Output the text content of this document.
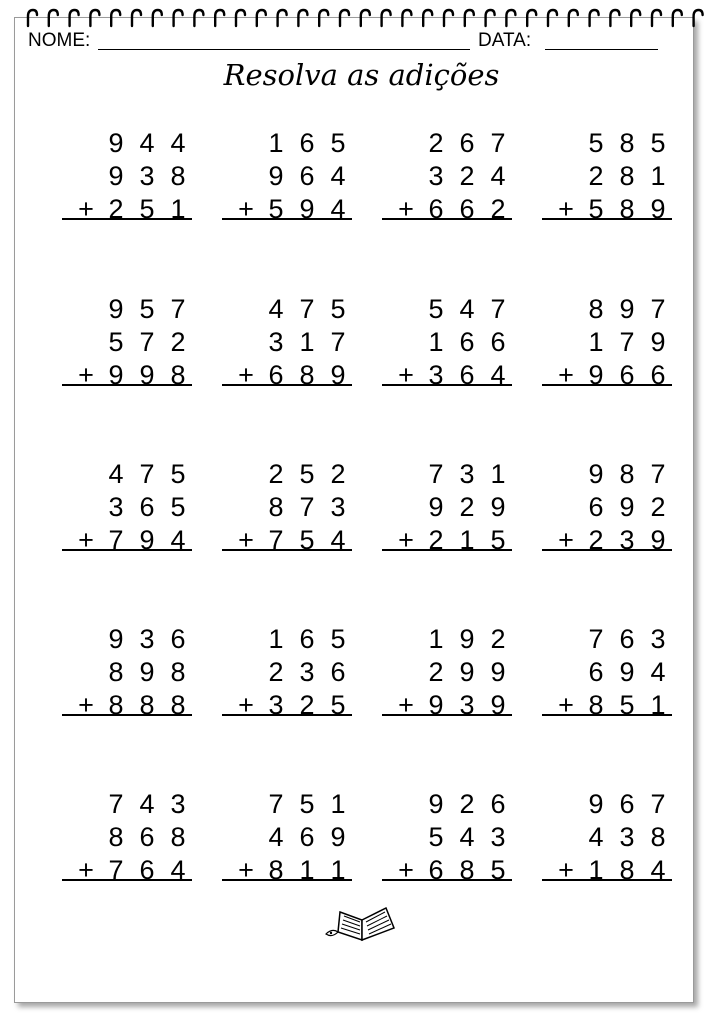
NOME:	DATA:
Resolva as adições
9 4 4
9 3 8
+ 2 5 1
1 6 5
9 6 4
+ 5 9 4
2 6 7
3 2 4
+ 6 6 2
5 8 5
2 8 1
+ 5 8 9
9 5 7
5 7 2
+ 9 9 8
4 7 5
3 1 7
+ 6 8 9
5 4 7
1 6 6
+ 3 6 4
8 9 7
1 7 9
+ 9 6 6
4 7 5
3 6 5
+ 7 9 4
2 5 2
8 7 3
+ 7 5 4
7 3 1
9 2 9
+ 2 1 5
9 8 7
6 9 2
+ 2 3 9
9 3 6
8 9 8
+ 8 8 8
1 6 5
2 3 6
+ 3 2 5
1 9 2
2 9 9
+ 9 3 9
7 6 3
6 9 4
+ 8 5 1
7 4 3
8 6 8
+ 7 6 4
7 5 1
4 6 9
+ 8 1 1
9 2 6
5 4 3
+ 6 8 5
9 6 7
4 3 8
+ 1 8 4
